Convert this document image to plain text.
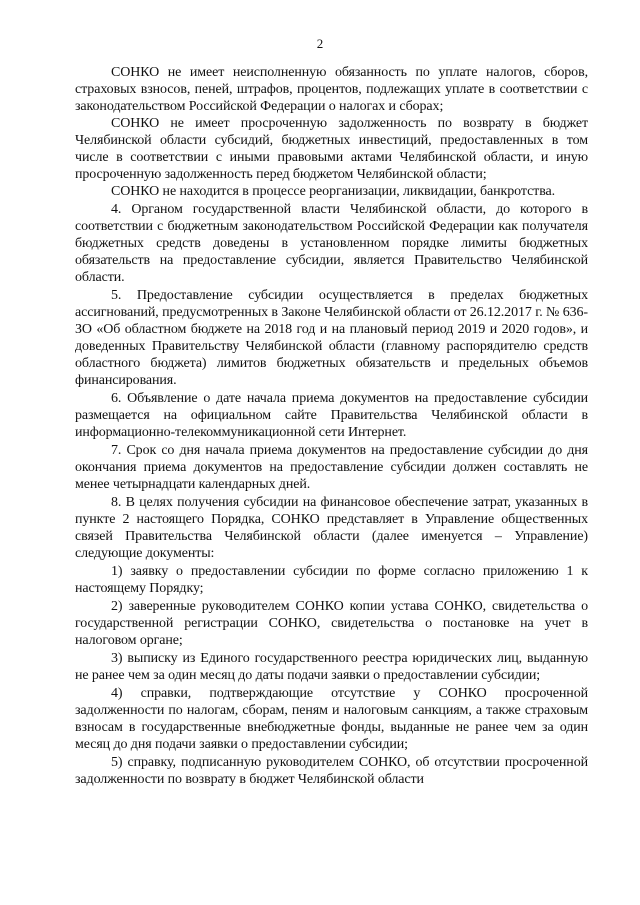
2

СОНКО не имеет неисполненную обязанность по уплате налогов, сборов, страховых взносов, пеней, штрафов, процентов, подлежащих уплате в соответствии с законодательством Российской Федерации о налогах и сборах;

СОНКО не имеет просроченную задолженность по возврату в бюджет Челябинской области субсидий, бюджетных инвестиций, предоставленных в том числе в соответствии с иными правовыми актами Челябинской области, и иную просроченную задолженность перед бюджетом Челябинской области;

СОНКО не находится в процессе реорганизации, ликвидации, банкротства.

4. Органом государственной власти Челябинской области, до которого в соответствии с бюджетным законодательством Российской Федерации как получателя бюджетных средств доведены в установленном порядке лимиты бюджетных обязательств на предоставление субсидии, является Правительство Челябинской области.

5. Предоставление субсидии осуществляется в пределах бюджетных ассигнований, предусмотренных в Законе Челябинской области от 26.12.2017 г. № 636-ЗО «Об областном бюджете на 2018 год и на плановый период 2019 и 2020 годов», и доведенных Правительству Челябинской области (главному распорядителю средств областного бюджета) лимитов бюджетных обязательств и предельных объемов финансирования.

6. Объявление о дате начала приема документов на предоставление субсидии размещается на официальном сайте Правительства Челябинской области в информационно-телекоммуникационной сети Интернет.

7. Срок со дня начала приема документов на предоставление субсидии до дня окончания приема документов на предоставление субсидии должен составлять не менее четырнадцати календарных дней.

8. В целях получения субсидии на финансовое обеспечение затрат, указанных в пункте 2 настоящего Порядка, СОНКО представляет в Управление общественных связей Правительства Челябинской области (далее именуется – Управление) следующие документы:

1) заявку о предоставлении субсидии по форме согласно приложению 1 к настоящему Порядку;

2) заверенные руководителем СОНКО копии устава СОНКО, свидетельства о государственной регистрации СОНКО, свидетельства о постановке на учет в налоговом органе;

3) выписку из Единого государственного реестра юридических лиц, выданную не ранее чем за один месяц до даты подачи заявки о предоставлении субсидии;

4) справки, подтверждающие отсутствие у СОНКО просроченной задолженности по налогам, сборам, пеням и налоговым санкциям, а также страховым взносам в государственные внебюджетные фонды, выданные не ранее чем за один месяц до дня подачи заявки о предоставлении субсидии;

5) справку, подписанную руководителем СОНКО, об отсутствии просроченной задолженности по возврату в бюджет Челябинской области
